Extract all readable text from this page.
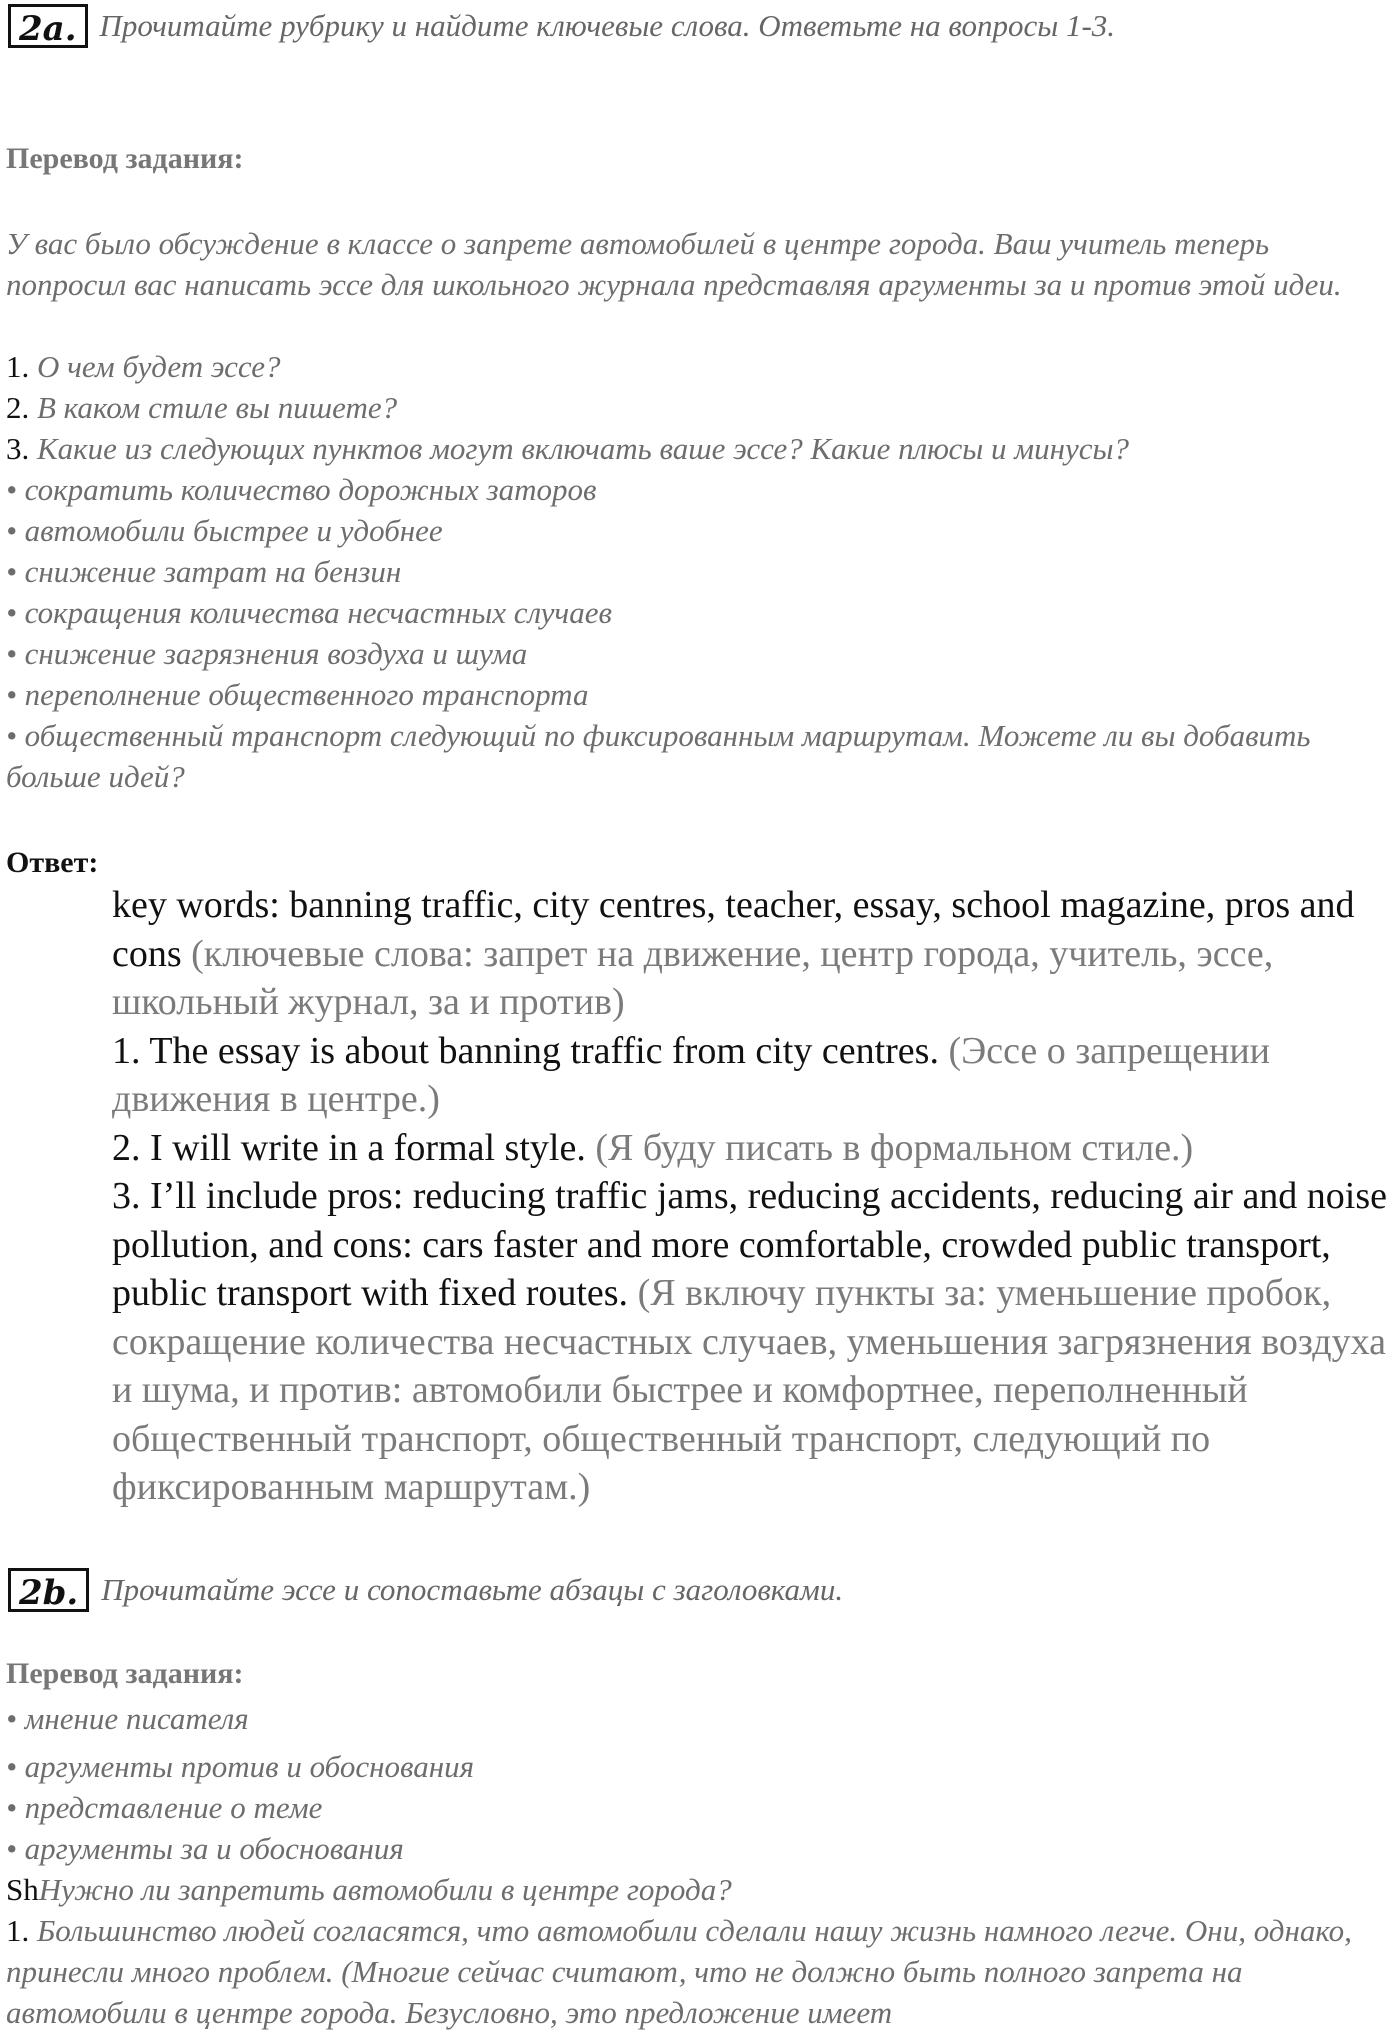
2a. Прочитайте рубрику и найдите ключевые слова. Ответьте на вопросы 1-3.
Перевод задания:
У вас было обсуждение в классе о запрете автомобилей в центре города. Ваш учитель теперь попросил вас написать эссе для школьного журнала представляя аргументы за и против этой идеи.
1. О чем будет эссе?
2. В каком стиле вы пишете?
3. Какие из следующих пунктов могут включать ваше эссе? Какие плюсы и минусы?
• сократить количество дорожных заторов
• автомобили быстрее и удобнее
• снижение затрат на бензин
• сокращения количества несчастных случаев
• снижение загрязнения воздуха и шума
• переполнение общественного транспорта
• общественный транспорт следующий по фиксированным маршрутам. Можете ли вы добавить больше идей?
Ответ:

key words: banning traffic, city centres, teacher, essay, school magazine, pros and cons (ключевые слова: запрет на движение, центр города, учитель, эссе, школьный журнал, за и против)

1. The essay is about banning traffic from city centres. (Эссе о запрещении движения в центре.)

2. I will write in a formal style. (Я буду писать в формальном стиле.)

3. I’ll include pros: reducing traffic jams, reducing accidents, reducing air and noise pollution, and cons: cars faster and more comfortable, crowded public transport, public transport with fixed routes. (Я включу пункты за: уменьшение пробок, сокращение количества несчастных случаев, уменьшения загрязнения воздуха и шума, и против: автомобили быстрее и комфортнее, переполненный общественный транспорт, общественный транспорт, следующий по фиксированным маршрутам.)

2b. Прочитайте эссе и сопоставьте абзацы с заголовками.
Перевод задания:
• мнение писателя
• аргументы против и обоснования
• представление о теме
• аргументы за и обоснования
ShНужно ли запретить автомобили в центре города?
1. Большинство людей согласятся, что автомобили сделали нашу жизнь намного легче. Они, однако, принесли много проблем. (Многие сейчас считают, что не должно быть полного запрета на автомобили в центре города. Безусловно, это предложение имеет
